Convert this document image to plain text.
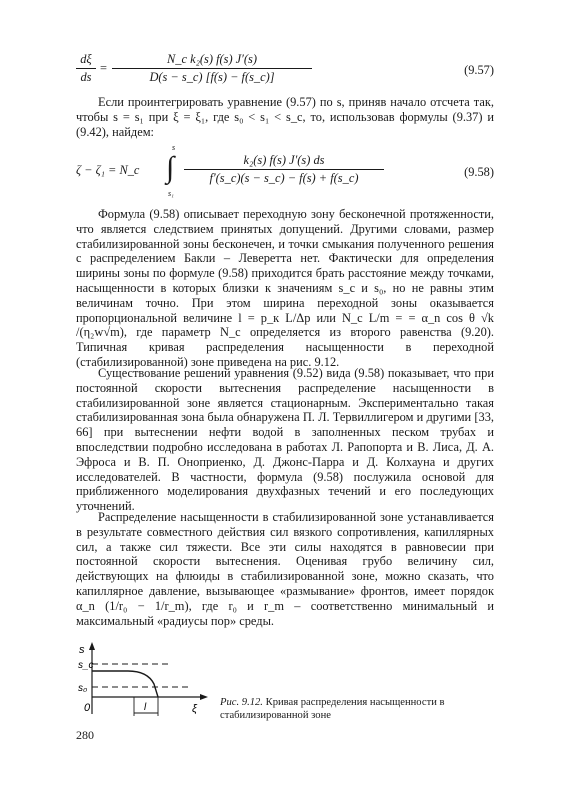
$\frac{d\xi}{ds} = \frac{\text{N\_c k₂(s) f(s) J′(s)}}{D(s - s\_c) [f(s) - f(s\_c)]}$	(9.57)

Если проинтегрировать уравнение (9.57) по s, приняв начало отсчета так, чтобы s = s₁ при ξ = ξ₁, где s₀ < s₁ < s_c, то, использовав формулы (9.37) и (9.42), найдем:

ζ − ζ₁ = N_c
s
∫
s₁
$\frac{\text{k₂(s) f(s) J′(s) ds}}{f'(s\_c)(s - s\_c) - f(s) + f(s\_c)}$	(9.58)

Формула (9.58) описывает переходную зону бесконечной протяженности, что является следствием принятых допущений. Другими словами, размер стабилизированной зоны бесконечен, и точки смыкания полученного решения с распределением Бакли – Леверетта нет. Фактически для определения ширины зоны по формуле (9.58) приходится брать расстояние между точками, насыщенности в которых близки к значениям s_c и s₀, но не равны этим величинам точно. При этом ширина переходной зоны оказывается пропорциональной величине l = p_к L/Δp или N_c L/m = = α_n cos θ √k /(η₂w√m), где параметр N_c определяется из второго равенства (9.20). Типичная кривая распределения насыщенности в переходной (стабилизированной) зоне приведена на рис. 9.12.

Существование решений уравнения (9.52) вида (9.58) показывает, что при постоянной скорости вытеснения распределение насыщенности в стабилизированной зоне является стационарным. Экспериментально такая стабилизированная зона была обнаружена П. Л. Тервиллигером и другими [33, 66] при вытеснении нефти водой в заполненных песком трубах и впоследствии подробно исследована в работах Л. Рапопорта и В. Лиса, Д. А. Эфроса и В. П. Оноприенко, Д. Джонс-Парра и Д. Колхауна и других исследователей. В частности, формула (9.58) послужила основой для приближенного моделирования двухфазных течений и его последующих уточнений.

Распределение насыщенности в стабилизированной зоне устанавливается в результате совместного действия сил вязкого сопротивления, капиллярных сил, а также сил тяжести. Все эти силы находятся в равновесии при постоянной скорости вытеснения. Оценивая грубо величину сил, действующих на флюиды в стабилизированной зоне, можно сказать, что капиллярное давление, вызывающее «размывание» фронтов, имеет порядок α_n (1/r₀ − 1/r_m), где r₀ и r_m – соответственно минимальный и максимальный «радиусы пор» среды.

s
s_c
s₀
0	l	ξ
Рис. 9.12. Кривая распределения насыщенности в стабилизированной зоне
280
